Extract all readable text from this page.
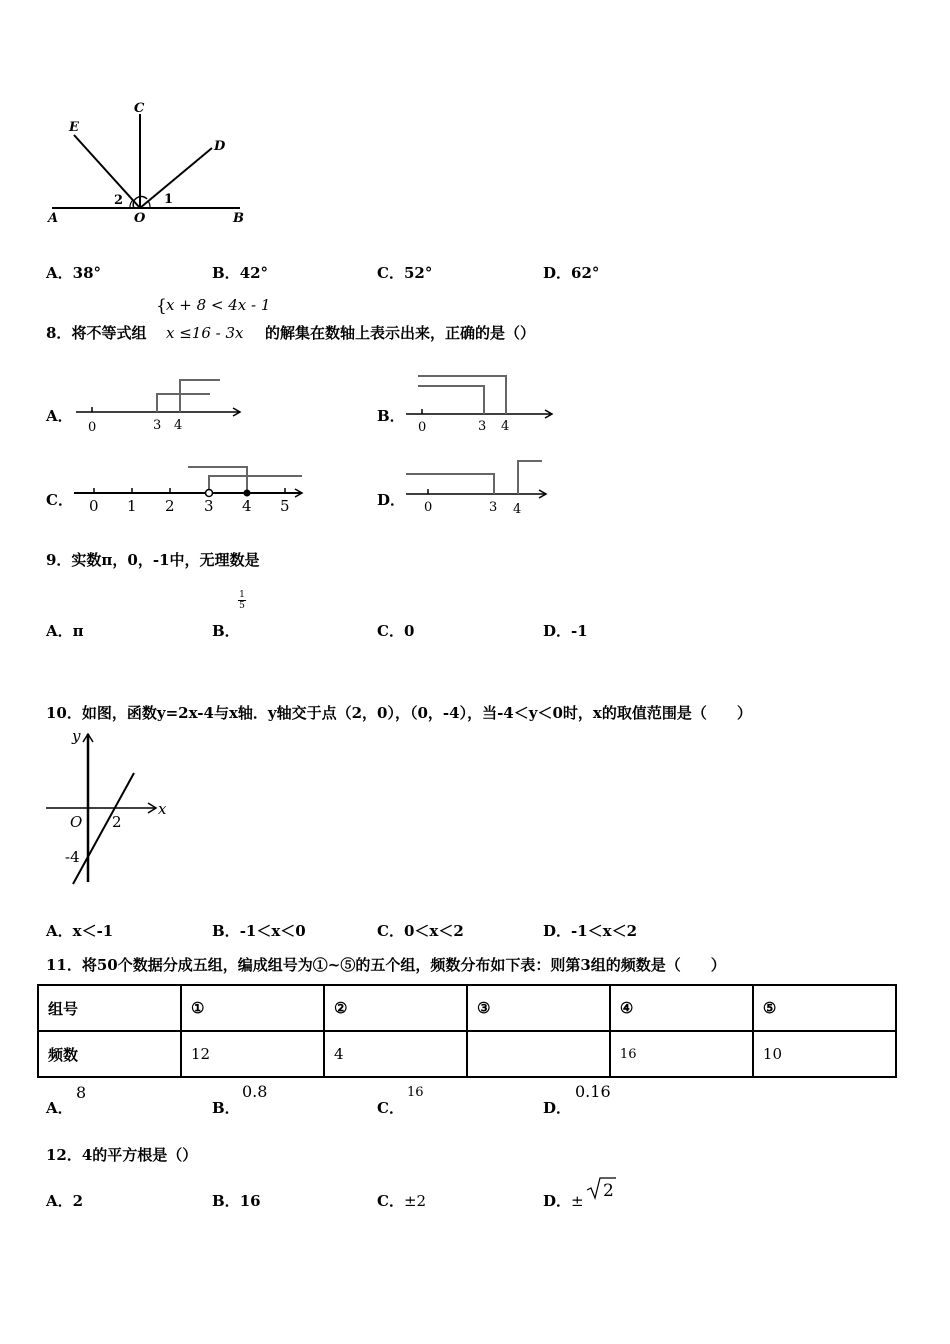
A	B
C
D
E
O
2	1
A．38°	B．42°	C．52°	D．62°
8．将不等式组
{ x + 8 < 4x - 1
x ≤16 - 3x 的解集在数轴上表示出来，正确的是（）
A．
0	3 4
B．
0	3 4
C． 0 1 2 3 4 5	D． 0	3 4
9．实数π，0，-1中，无理数是
A．π	B．
1
5
C．0	D．-1
10．如图，函数y=2x-4与x轴．y轴交于点（2，0），（0，-4），当-4＜y＜0时，x的取值范围是（　　）
x
y
O 2
-4
A．x＜-1	B．-1＜x＜0	C．0＜x＜2	D．-1＜x＜2
11．将50个数据分成五组，编成组号为①~⑤的五个组，频数分布如下表：则第3组的频数是（　　）
组号	①	②	③	④	⑤
频数	12	4		16	10
A．
8
B．
0.8
C．
16
D．
0.16
12．4的平方根是（）
A．2	B．16	C．±2	D．± 2
